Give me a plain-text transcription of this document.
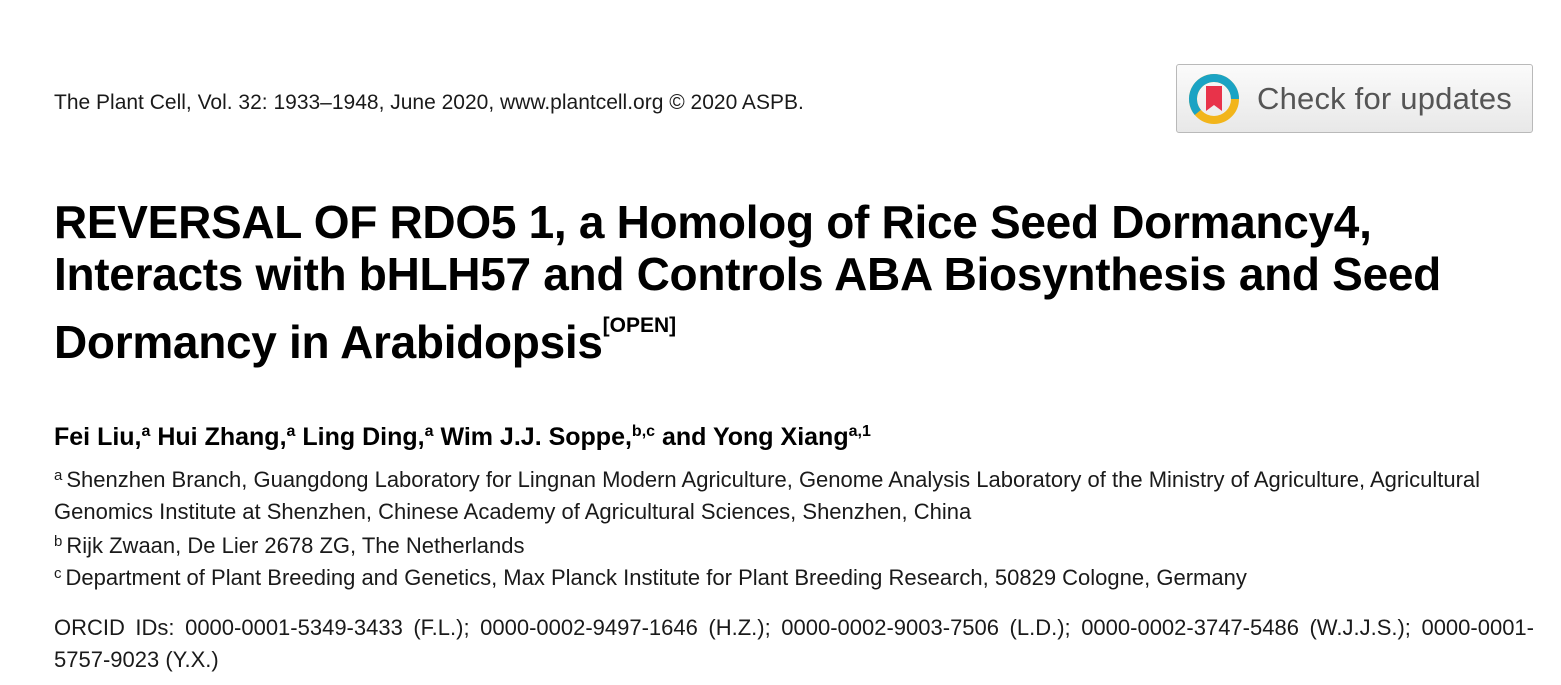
The Plant Cell, Vol. 32: 1933–1948, June 2020, www.plantcell.org © 2020 ASPB.	Check for updates
REVERSAL OF RDO5 1, a Homolog of Rice Seed Dormancy4, Interacts with bHLH57 and Controls ABA Biosynthesis and Seed Dormancy in Arabidopsis[OPEN]

Fei Liu,$^a$ Hui Zhang,$^a$ Ling Ding,$^a$ Wim J.J. Soppe,$^{b,c}$ and Yong Xiang$^{a,1}$

$^a$ Shenzhen Branch, Guangdong Laboratory for Lingnan Modern Agriculture, Genome Analysis Laboratory of the Ministry of Agriculture, Agricultural Genomics Institute at Shenzhen, Chinese Academy of Agricultural Sciences, Shenzhen, China

$^b$ Rijk Zwaan, De Lier 2678 ZG, The Netherlands

$^c$ Department of Plant Breeding and Genetics, Max Planck Institute for Plant Breeding Research, 50829 Cologne, Germany

ORCID IDs: 0000-0001-5349-3433 (F.L.); 0000-0002-9497-1646 (H.Z.); 0000-0002-9003-7506 (L.D.); 0000-0002-3747-5486 (W.J.J.S.); 0000-0001-5757-9023 (Y.X.)
